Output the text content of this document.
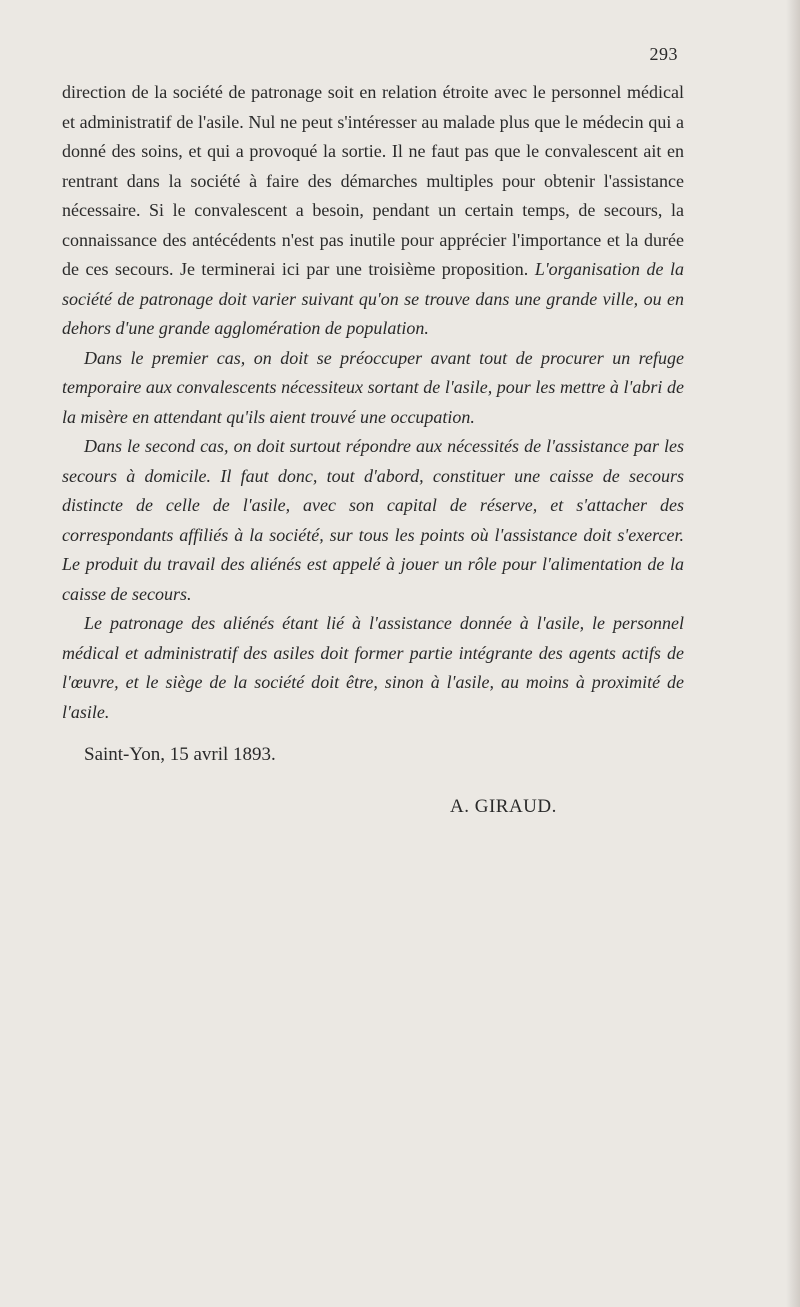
293

direction de la société de patronage soit en relation étroite avec le personnel médical et administratif de l'asile. Nul ne peut s'intéresser au malade plus que le médecin qui a donné des soins, et qui a provoqué la sortie. Il ne faut pas que le convalescent ait en rentrant dans la société à faire des démarches multiples pour obtenir l'assistance nécessaire. Si le convalescent a besoin, pendant un certain temps, de secours, la connaissance des antécédents n'est pas inutile pour apprécier l'importance et la durée de ces secours. Je terminerai ici par une troisième proposition. L'organisation de la société de patronage doit varier suivant qu'on se trouve dans une grande ville, ou en dehors d'une grande agglomération de population.

Dans le premier cas, on doit se préoccuper avant tout de procurer un refuge temporaire aux convalescents nécessiteux sortant de l'asile, pour les mettre à l'abri de la misère en attendant qu'ils aient trouvé une occupation.

Dans le second cas, on doit surtout répondre aux nécessités de l'assistance par les secours à domicile. Il faut donc, tout d'abord, constituer une caisse de secours distincte de celle de l'asile, avec son capital de réserve, et s'attacher des correspondants affiliés à la société, sur tous les points où l'assistance doit s'exercer. Le produit du travail des aliénés est appelé à jouer un rôle pour l'alimentation de la caisse de secours.

Le patronage des aliénés étant lié à l'assistance donnée à l'asile, le personnel médical et administratif des asiles doit former partie intégrante des agents actifs de l'œuvre, et le siège de la société doit être, sinon à l'asile, au moins à proximité de l'asile.

Saint-Yon, 15 avril 1893.
A. GIRAUD.
